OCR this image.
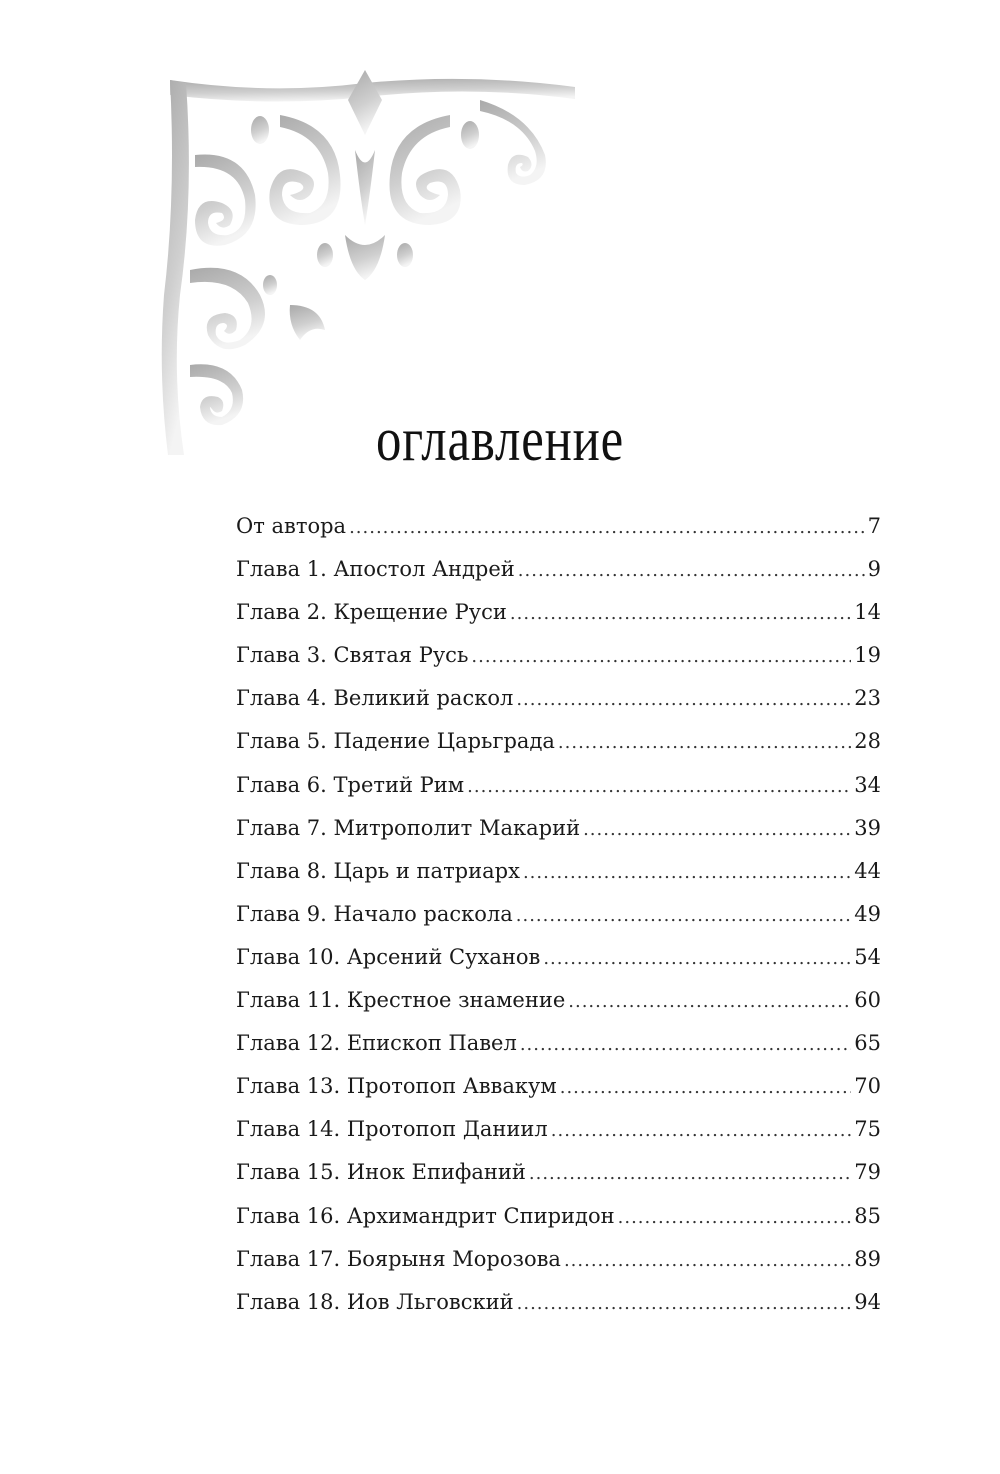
оглавление
От автора .....	7
Глава 1. Апостол Андрей .....	9
Глава 2. Крещение Руси .....	14
Глава 3. Святая Русь .....	19
Глава 4. Великий раскол .....	23
Глава 5. Падение Царьграда .....	28
Глава 6. Третий Рим .....	34
Глава 7. Митрополит Макарий .....	39
Глава 8. Царь и патриарх .....	44
Глава 9. Начало раскола .....	49
Глава 10. Арсений Суханов .....	54
Глава 11. Крестное знамение .....	60
Глава 12. Епископ Павел .....	65
Глава 13. Протопоп Аввакум .....	70
Глава 14. Протопоп Даниил .....	75
Глава 15. Инок Епифаний .....	79
Глава 16. Архимандрит Спиридон .....	85
Глава 17. Боярыня Морозова .....	89
Глава 18. Иов Льговский .....	94
